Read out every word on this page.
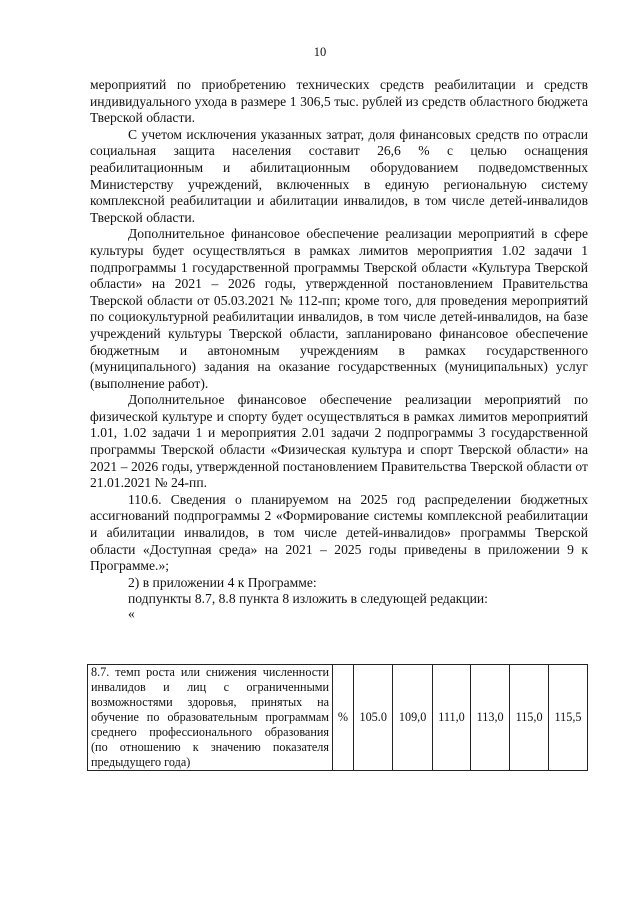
10

мероприятий по приобретению технических средств реабилитации и средств индивидуального ухода в размере 1 306,5 тыс. рублей из средств областного бюджета Тверской области.

С учетом исключения указанных затрат, доля финансовых средств по отрасли социальная защита населения составит 26,6 % с целью оснащения реабилитационным и абилитационным оборудованием подведомственных Министерству учреждений, включенных в единую региональную систему комплексной реабилитации и абилитации инвалидов, в том числе детей-инвалидов Тверской области.

Дополнительное финансовое обеспечение реализации мероприятий в сфере культуры будет осуществляться в рамках лимитов мероприятия 1.02 задачи 1 подпрограммы 1 государственной программы Тверской области «Культура Тверской области» на 2021 – 2026 годы, утвержденной постановлением Правительства Тверской области от 05.03.2021 № 112-пп; кроме того, для проведения мероприятий по социокультурной реабилитации инвалидов, в том числе детей-инвалидов, на базе учреждений культуры Тверской области, запланировано финансовое обеспечение бюджетным и автономным учреждениям в рамках государственного (муниципального) задания на оказание государственных (муниципальных) услуг (выполнение работ).

Дополнительное финансовое обеспечение реализации мероприятий по физической культуре и спорту будет осуществляться в рамках лимитов мероприятий 1.01, 1.02 задачи 1 и мероприятия 2.01 задачи 2 подпрограммы 3 государственной программы Тверской области «Физическая культура и спорт Тверской области» на 2021 – 2026 годы, утвержденной постановлением Правительства Тверской области от 21.01.2021 № 24-пп.

110.6. Сведения о планируемом на 2025 год распределении бюджетных ассигнований подпрограммы 2 «Формирование системы комплексной реабилитации и абилитации инвалидов, в том числе детей-инвалидов» программы Тверской области «Доступная среда» на 2021 – 2025 годы приведены в приложении 9 к Программе.»;

2) в приложении 4 к Программе:

подпункты 8.7, 8.8 пункта 8 изложить в следующей редакции:

«

8.7. темп роста или снижения численности инвалидов и лиц с ограниченными возможностями здоровья, принятых на обучение по образовательным программам среднего профессионального образования (по отношению к значению показателя предыдущего года)	%	105.0	109,0	111,0	113,0	115,0	115,5
